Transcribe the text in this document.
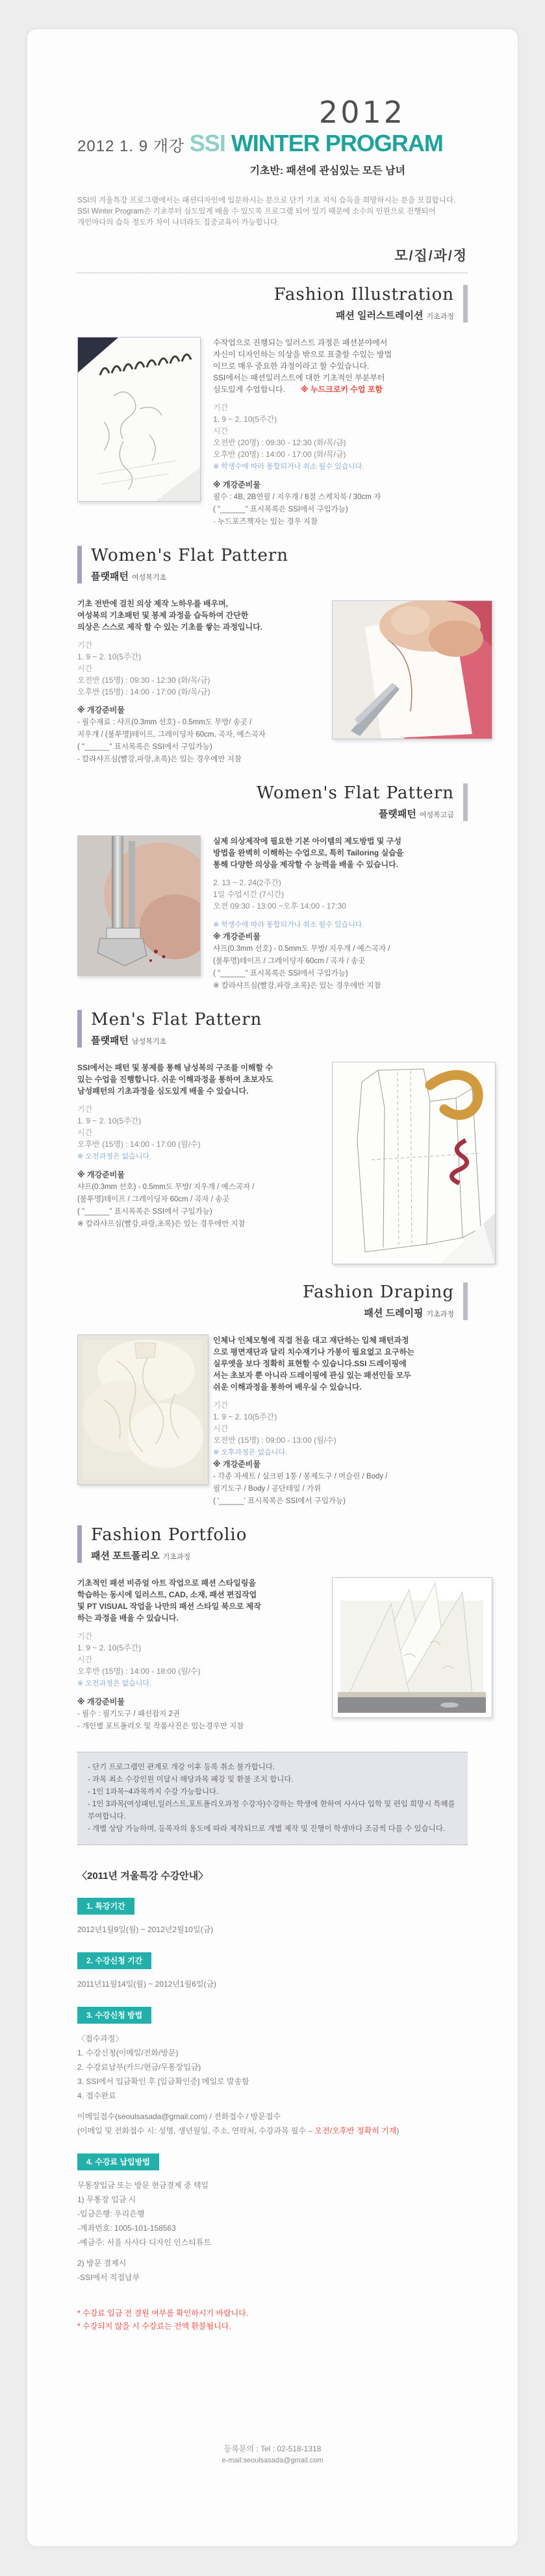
2012
2012 1. 9 개강 SSI WINTER PROGRAM
기초반: 패션에 관심있는 모든 남녀
SSI의 겨울특강 프로그램에서는 패션디자인에 입문하시는 분으로 단기 기초 지식 습득을 희망하시는 분을 모집합니다.
SSI Winter Program은 기초부터 심도있게 배울 수 있도록 프로그램 되어 있기 때문에 소수의 인원으로 진행되어
개인마다의 습득 정도가 차이 나더라도 집중교육이 가능합니다.
모/집/과/정
Fashion Illustration
패션 일러스트레이션 기초과정
수작업으로 진행되는 일러스트 과정은 패션분야에서
자신이 디자인하는 의상을 밖으로 표출할 수있는 방법
이므로 매우 중요한 과정이라고 할 수있습니다.
SSI에서는 패션일러스트에 대한 기초적인 부분부터
심도있게 수업합니다.　　※ 누드크로키 수업 포함
기간
1. 9 ~ 2. 10(5주간)
시간
오전반 (20명) : 09:30 - 12:30 (화/목/금)
오후반 (20명) : 14:00 - 17:00 (화/목/금)
※ 학생수에 따라 통합되거나 취소 될수 있습니다.
※ 개강준비물
필수 : 4B, 2B연필 / 지우개 / 8절 스케치북 / 30cm 자
( "______" 표시목록은 SSI에서 구입가능)
· 누드포즈책자는 있는 경우 지참
Women's Flat Pattern
플랫패턴 여성복기초
기초 전반에 걸친 의상 제작 노하우를 배우며,
여성복의 기초패턴 및 봉제 과정을 습득하여 간단한
의상은 스스로 제작 할 수 있는 기초를 쌓는 과정입니다.
기간
1. 9 ~ 2. 10(5주간)
시간
오전반 (15명) : 09:30 - 12:30 (화/목/금)
오후반 (15명) : 14:00 - 17:00 (화/목/금)
※ 개강준비물
- 필수재료 : 샤프(0.3mm 선호) - 0.5mm도 무방/ 송곳 /
지우개 / (불투명)테이프, 그레이딩자 60cm, 곡자, 예스곡자
( "______" 표시목록은 SSI에서 구입가능)
- 칼라샤프심(빨강,파랑,초록)은 있는 경우에만 지참
Women's Flat Pattern
플랫패턴 여성복고급
실제 의상제작에 필요한 기본 아이템의 제도방법 및 구성
방법을 완벽히 이해하는 수업으로, 특히 Tailoring 실습을
통해 다양한 의상을 제작할 수 능력을 배울 수 있습니다.
2. 13 ~ 2. 24(2주간)
1일 수업시간 (7시간)
오전 09:30 - 13:00 ~오후 14:00 - 17:30
※ 학생수에 따라 통합되거나 취소 될수 있습니다.
※ 개강준비물
샤프(0.3mm 선호) - 0.5mm도 무방/ 지우개 / 예스곡자 /
(불투명)테이프 / 그레이딩자 60cm / 곡자 / 송곳
( "______" 표시목록은 SSI에서 구입가능)
※ 칼라샤프심(빨강,파랑,초록)은 있는 경우에만 지참
Men's Flat Pattern
플랫패턴 남성복기초
SSI에서는 패턴 및 봉제를 통해 남성복의 구조를 이해할 수
있는 수업을 진행합니다. 쉬운 이해과정을 통하여 초보자도
남성패턴의 기초과정을 심도있게 배울 수 있습니다.
기간
1. 9 ~ 2. 10(5주간)
시간
오후반 (15명) : 14:00 - 17:00 (월/수)
※ 오전과정은 없습니다.
※ 개강준비물
샤프(0.3mm 선호) - 0.5mm도 무방/ 지우개 / 예스곡자 /
(불투명)테이프 / 그레이딩자 60cm / 곡자 / 송곳
( "______" 표시목록은 SSI에서 구입가능)
※ 칼라샤프심(빨강,파랑,초록)은 있는 경우에만 지참
Fashion Draping
패션 드레이핑 기초과정
인체나 인체모형에 직접 천을 대고 재단하는 입체 패턴과정
으로 평면재단과 달리 치수재기나 가봉이 필요없고 요구하는
실루엣을 보다 정확히 표현할 수 있습니다.SSI 드레이핑에
서는 초보자 뿐 아니라 드레이핑에 관심 있는 패션인들 모두
쉬운 이해과정을 통하여 배우실 수 있습니다.
기간
1. 9 ~ 2. 10(5주간)
시간
오전반 (15명) : 09:00 - 13:00 (월/수)
※ 오후과정은 없습니다.
※ 개강준비물
- 각종 자세트 / 실크핀 1통 / 봉제도구 / 머슬린 / Body /
필기도구 / Body / 공단테잎 / 가위
( '______' 표시목록은 SSI에서 구입가능)
Fashion Portfolio
패션 포트폴리오 기초과정
기초적인 패션 비쥬얼 아트 작업으로 패션 스타일링을
학습하는 동시에 일러스트, CAD, 소재, 패션 편집작업
및 PT VISUAL 작업을 나만의 패션 스타일 북으로 제작
하는 과정을 배울 수 있습니다.
기간
1. 9 ~ 2. 10(5주간)
시간
오후반 (15명) : 14:00 - 18:00 (월/수)
※ 오전과정은 없습니다.
※ 개강준비물
- 필수 : 필기도구 / 패션잡지 2권
- 개인별 포트폴리오 및 작품사진은 있는경우만 지참
- 단기 프로그램인 관계로 개강 이후 등록 취소 불가합니다.
- 과목 최소 수강인원 미달시 해당과목 폐강 및 환불 조치 합니다.
- 1인 1과목~4과목까지 수강 가능합니다.
- 1인 3과목(여성패턴,일러스트,포트폴리오과정 수강자)수강하는 학생에 한하여 사사다 입학 및 편입 희망시 특혜를 부여합니다.
- 개별 상담 가능하며, 등록자의 용도에 따라 제작되므로 개별 제작 및 진행이 학생마다 조금씩 다를 수 있습니다.
〈2011년 겨울특강 수강안내〉
1. 특강기간
2012년1월9일(월) ~ 2012년2월10일(금)
2. 수강신청 기간
2011년11월14일(월) ~ 2012년1월6일(금)
3. 수강신청 방법
〈접수과정〉
1. 수강신청(이메일/전화/방문)
2. 수강료납부(카드/현금/무통장입금)
3. SSI에서 입금확인 후 [입금확인증] 메일로 발송함
4. 접수완료
이메일접수(seoulsasada@gmail.com) / 전화접수 / 방문접수
(이메일 및 전화접수 시: 성명, 생년월일, 주소, 연락처, 수강과목 필수 – 오전/오후반 정확히 기재)
4. 수강료 납입방법
무통장입금 또는 방문 현금결제 중 택일
1) 무통장 입금 시
-입금은행: 우리은행
-계좌번호: 1005-101-158563
-예금주: 서울 사사다 디자인 인스티튜트
2) 방문 결제시
-SSI에서 직접납부
* 수강료 입금 전 결원 여부를 확인하시기 바랍니다.
* 수강되지 않을 시 수강료는 전액 환불됩니다.
등록문의 : Tel : 02-518-1318
e-mail:seoulsasada@gmail.com
